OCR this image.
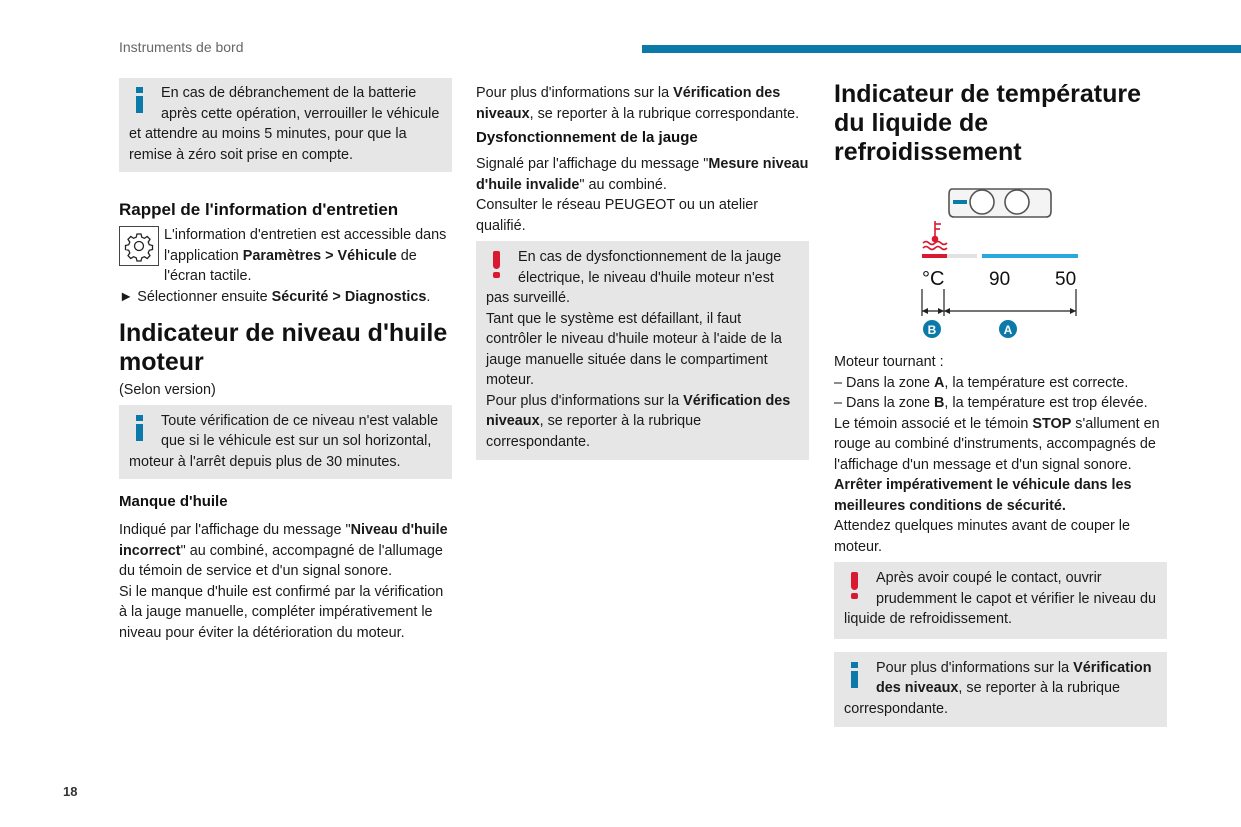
Instruments de bord

En cas de débranchement de la batterie après cette opération, verrouiller le véhicule et attendre au moins 5 minutes, pour que la remise à zéro soit prise en compte.

Rappel de l'information d'entretien

L'information d'entretien est accessible dans l'application Paramètres > Véhicule de l'écran tactile.

► Sélectionner ensuite Sécurité > Diagnostics.

Indicateur de niveau d'huile moteur

(Selon version)

Toute vérification de ce niveau n'est valable que si le véhicule est sur un sol horizontal, moteur à l'arrêt depuis plus de 30 minutes.

Manque d'huile

Indiqué par l'affichage du message "Niveau d'huile incorrect" au combiné, accompagné de l'allumage du témoin de service et d'un signal sonore.

Si le manque d'huile est confirmé par la vérification à la jauge manuelle, compléter impérativement le niveau pour éviter la détérioration du moteur.

Pour plus d'informations sur la Vérification des niveaux, se reporter à la rubrique correspondante.

Dysfonctionnement de la jauge

Signalé par l'affichage du message "Mesure niveau d'huile invalide" au combiné.

Consulter le réseau PEUGEOT ou un atelier qualifié.

En cas de dysfonctionnement de la jauge électrique, le niveau d'huile moteur n'est pas surveillé.

Tant que le système est défaillant, il faut contrôler le niveau d'huile moteur à l'aide de la jauge manuelle située dans le compartiment moteur.

Pour plus d'informations sur la Vérification des niveaux, se reporter à la rubrique correspondante.

Indicateur de température du liquide de refroidissement
°C 90 50
B	A

Moteur tournant :

– Dans la zone A, la température est correcte.

– Dans la zone B, la température est trop élevée. Le témoin associé et le témoin STOP s'allument en rouge au combiné d'instruments, accompagnés de l'affichage d'un message et d'un signal sonore.

Arrêter impérativement le véhicule dans les meilleures conditions de sécurité.

Attendez quelques minutes avant de couper le moteur.

Après avoir coupé le contact, ouvrir prudemment le capot et vérifier le niveau du liquide de refroidissement.

Pour plus d'informations sur la Vérification des niveaux, se reporter à la rubrique correspondante.

18
